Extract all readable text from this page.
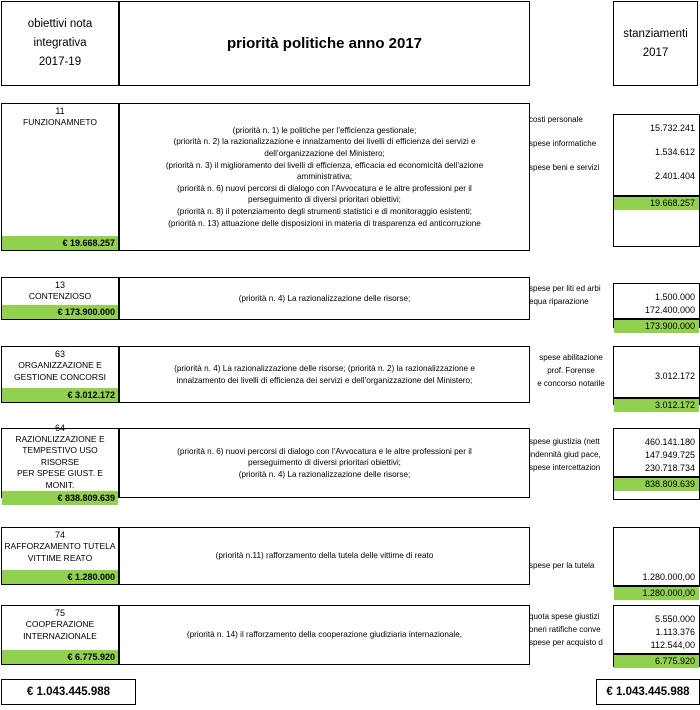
obiettivi nota
integrativa
2017-19
priorità politiche anno 2017
stanziamenti
2017
11
FUNZIONAMNETO
€ 19.668.257
(priorità n. 1) le politiche per l’efficienza gestionale;
(priorità n. 2) la razionalizzazione e innalzamento dei livelli di efficienza dei servizi e
dell’organizzazione del Ministero;
(priorità n. 3) il miglioramento dei livelli di efficienza, efficacia ed economicità dell’azione
amministrativa;
(priorità n. 6) nuovi percorsi di dialogo con l’Avvocatura e le altre professioni per il
perseguimento di diversi prioritari obiettivi;
(priorità n. 8) il potenziamento degli strumenti statistici e di monitoraggio esistenti;
(priorità n. 13) attuazione delle disposizioni in materia di trasparenza ed anticorruzione
costi personale
spese informatiche
spese beni e servizi
15.732.241
1.534.612
2.401.404
19.668.257
13
CONTENZIOSO
€ 173.900.000
(priorità n. 4) La razionalizzazione delle risorse;
spese per liti ed arbi
equa riparazione	1.500.000
172.400.000
173.900.000
63
ORGANIZZAZIONE E
GESTIONE CONCORSI
€ 3.012.172
(priorità n. 4) La razionalizzazione delle risorse; (priorità n. 2) la razionalizzazione e
innalzamento dei livelli di efficienza dei servizi e dell’organizzazione del Ministero;
spese abilitazione
prof. Forense
e concorso notarile
3.012.172
3.012.172
64
RAZIONLIZZAZIONE E
TEMPESTIVO USO RISORSE
PER SPESE GIUST. E MONIT.
€ 838.809.639
(priorità n. 6) nuovi percorsi di dialogo con l’Avvocatura e le altre professioni per il
perseguimento di diversi prioritari obiettivi;
(priorità n. 4) La razionalizzazione delle risorse;
spese giustizia (nett
indennità giud pace,
spese intercettazion
460.141.180
147.949.725
230.718.734
838.809.639
74
RAFFORZAMENTO TUTELA
VITTIME REATO
€ 1.280.000
(priorità n.11) rafforzamento della tutela delle vittime di reato
spese per la tutela
1.280.000,00
1.280.000,00
75
COOPERAZIONE
INTERNAZIONALE
€ 6.775.920
(priorità n. 14) il rafforzamento della cooperazione giudiziaria internazionale,
quota spese giustizi
oneri ratifiche conve
spese per acquisto d
5.550.000
1.113.376
112.544,00
6.775.920
€ 1.043.445.988	€ 1.043.445.988
